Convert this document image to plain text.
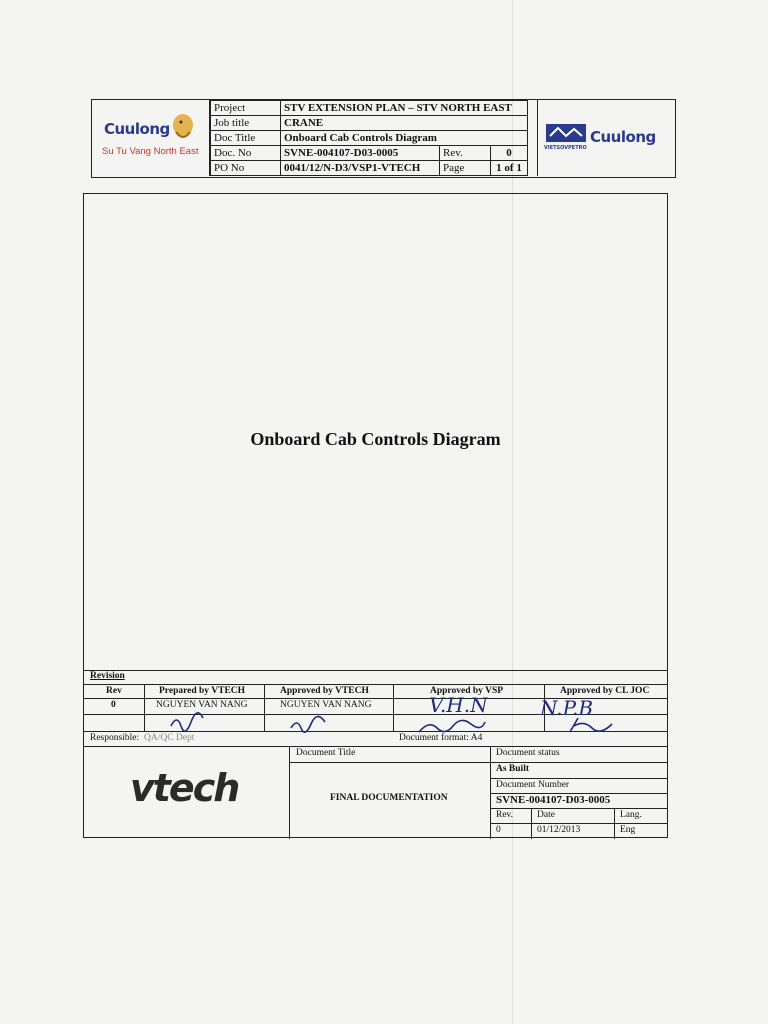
Cuulong
Su Tu Vang North East
Project	STV EXTENSION PLAN – STV NORTH EAST		
Job title	CRANE		
Doc Title	Onboard Cab Controls Diagram		
Doc. No	SVNE-004107-D03-0005	Rev.	0
PO No	0041/12/N-D3/VSP1-VTECH	Page	1 of 1
VIETSOVPETRO
Cuulong
Onboard Cab Controls Diagram
Revision
Rev	Prepared by VTECH	Approved by VTECH	Approved by VSP	Approved by CL JOC
0	NGUYEN VAN NANG	NGUYEN VAN NANG	V.H.N	N.P.B
Responsible: QA/QC Dept	Document format: A4
vtech
Document Title
FINAL DOCUMENTATION
Document status
As Built
Document Number
SVNE-004107-D03-0005
Rev.	Date	Lang.
0	01/12/2013	Eng
